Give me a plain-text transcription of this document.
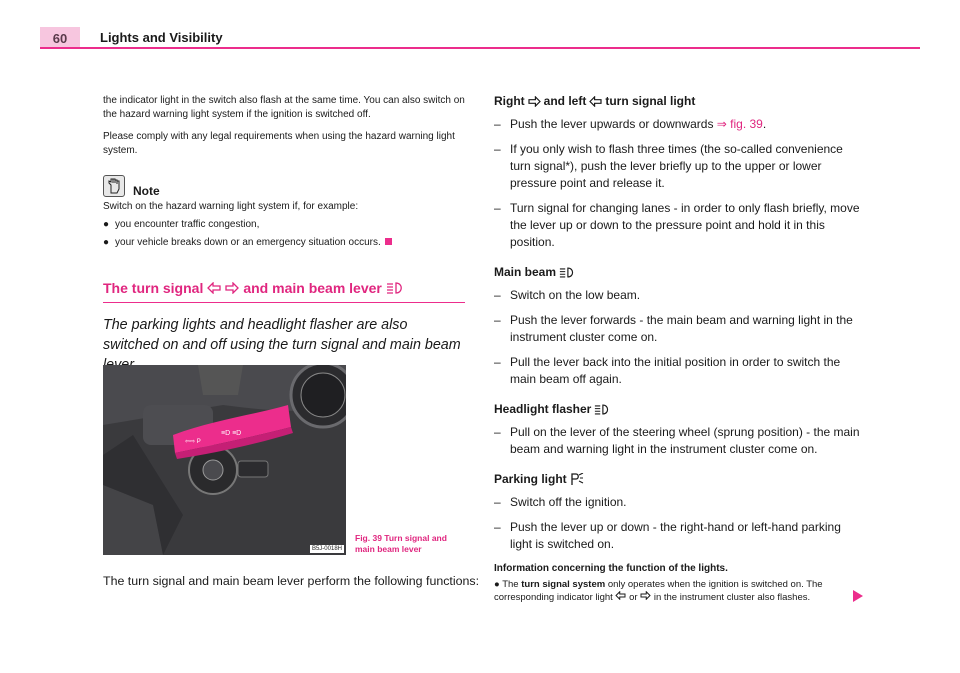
60	Lights and Visibility

the indicator light in the switch also flash at the same time. You can also switch on the hazard warning light system if the ignition is switched off.

Please comply with any legal requirements when using the hazard warning light system.

Note

Switch on the hazard warning light system if, for example:

● you encounter traffic congestion,
● your vehicle breaks down or an emergency situation occurs.
The turn signal	and main beam lever
The parking lights and headlight flasher are also switched on and off using the turn signal and main beam
⇦⇨ P
≡D ≡D
B5J-0018H
Fig. 39 Turn signal and
main beam lever
The turn signal and main beam lever perform the following functions:
Right and left turn signal light
– Push the lever upwards or downwards ⇒ fig. 39.
– If you only wish to flash three times (the so-called convenience turn signal*), push the lever briefly up to the upper or lower pressure point and release it.
– Turn signal for changing lanes - in order to only flash briefly, move the lever up or down to the pressure point and hold it in this position.
Main beam
– Switch on the low beam.
– Push the lever forwards - the main beam and warning light in the instrument cluster come on.
– Pull the lever back into the initial position in order to switch the main beam off again.
Headlight flasher
– Pull on the lever of the steering wheel (sprung position) - the main beam and warning light in the instrument cluster come on.
Parking light
– Switch off the ignition.
– Push the lever up or down - the right-hand or left-hand parking light is switched on.
Information concerning the function of the lights.
● The turn signal system only operates when the ignition is switched on. The corresponding indicator light or in the instrument cluster also flashes.
